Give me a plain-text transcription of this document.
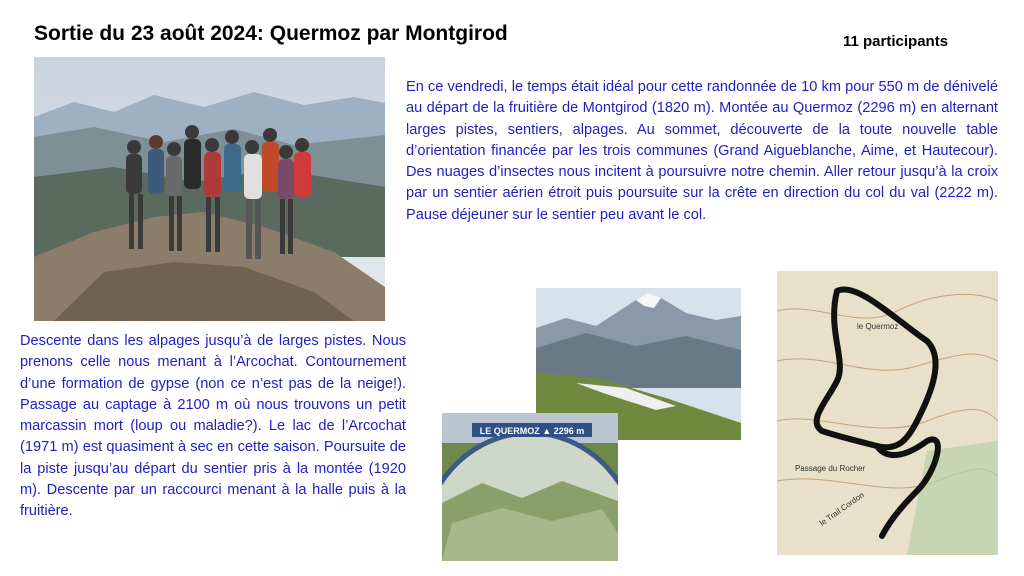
Sortie du 23 août 2024: Quermoz par Montgirod	11 participants

En ce vendredi, le temps était idéal pour cette randonnée de 10 km pour 550 m de dénivelé au départ de la fruitière de Montgirod (1820 m). Montée au Quermoz (2296 m) en alternant larges pistes, sentiers, alpages. Au sommet, découverte de la toute nouvelle table d’orientation financée par les trois communes (Grand Aigueblanche, Aime, et Hautecour). Des nuages d’insectes nous incitent à poursuivre notre chemin. Aller retour jusqu’à la croix par un sentier aérien étroit puis poursuite sur la crête en direction du col du val (2222 m). Pause déjeuner sur le sentier peu avant le col.

Descente dans les alpages jusqu’à de larges pistes. Nous prenons celle nous menant à l’Arcochat. Contournement d’une formation de gypse (non ce n’est pas de la neige!). Passage au captage à 2100 m où nous trouvons un petit marcassin mort (loup ou maladie?). Le lac de l’Arcochat (1971 m) est quasiment à sec en cette saison. Poursuite de la piste jusqu’au départ du sentier pris à la montée (1920 m). Descente par un raccourci menant à la halle puis à la fruitière.

LE QUERMOZ ▲ 2296 m
le Quermoz
Passage du Rocher
le Trail Cordon
